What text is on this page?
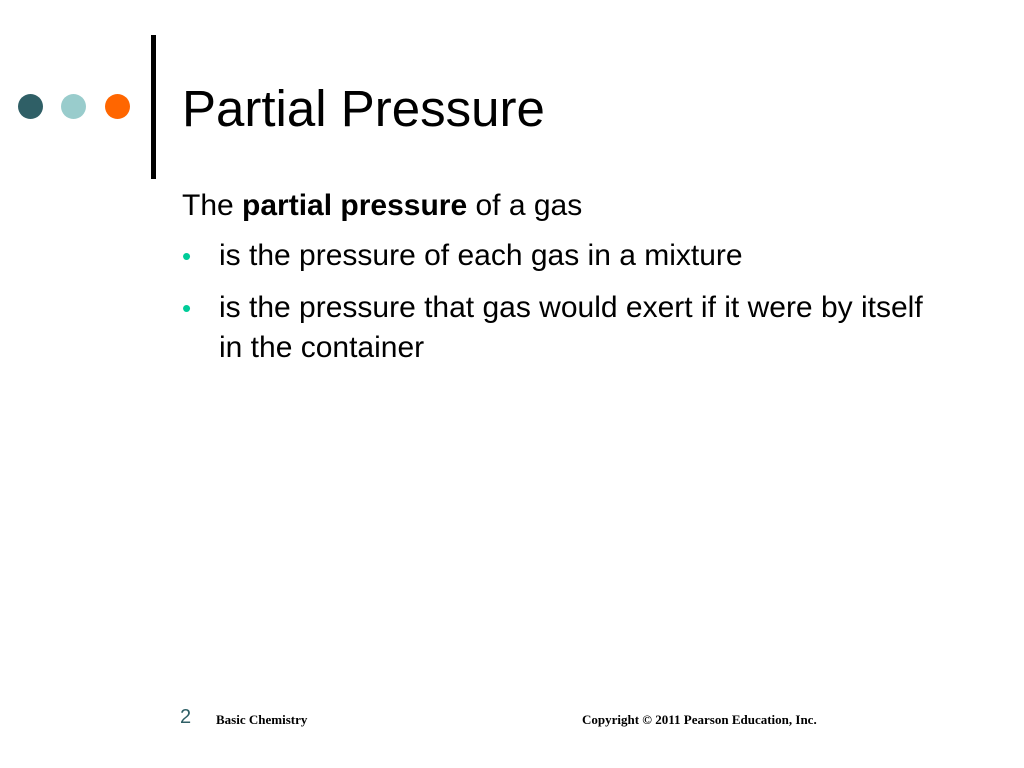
Partial Pressure

The partial pressure of a gas

• is the pressure of each gas in a mixture
• is the pressure that gas would exert if it were by itself in the container
2 Basic Chemistry	Copyright © 2011 Pearson Education, Inc.
